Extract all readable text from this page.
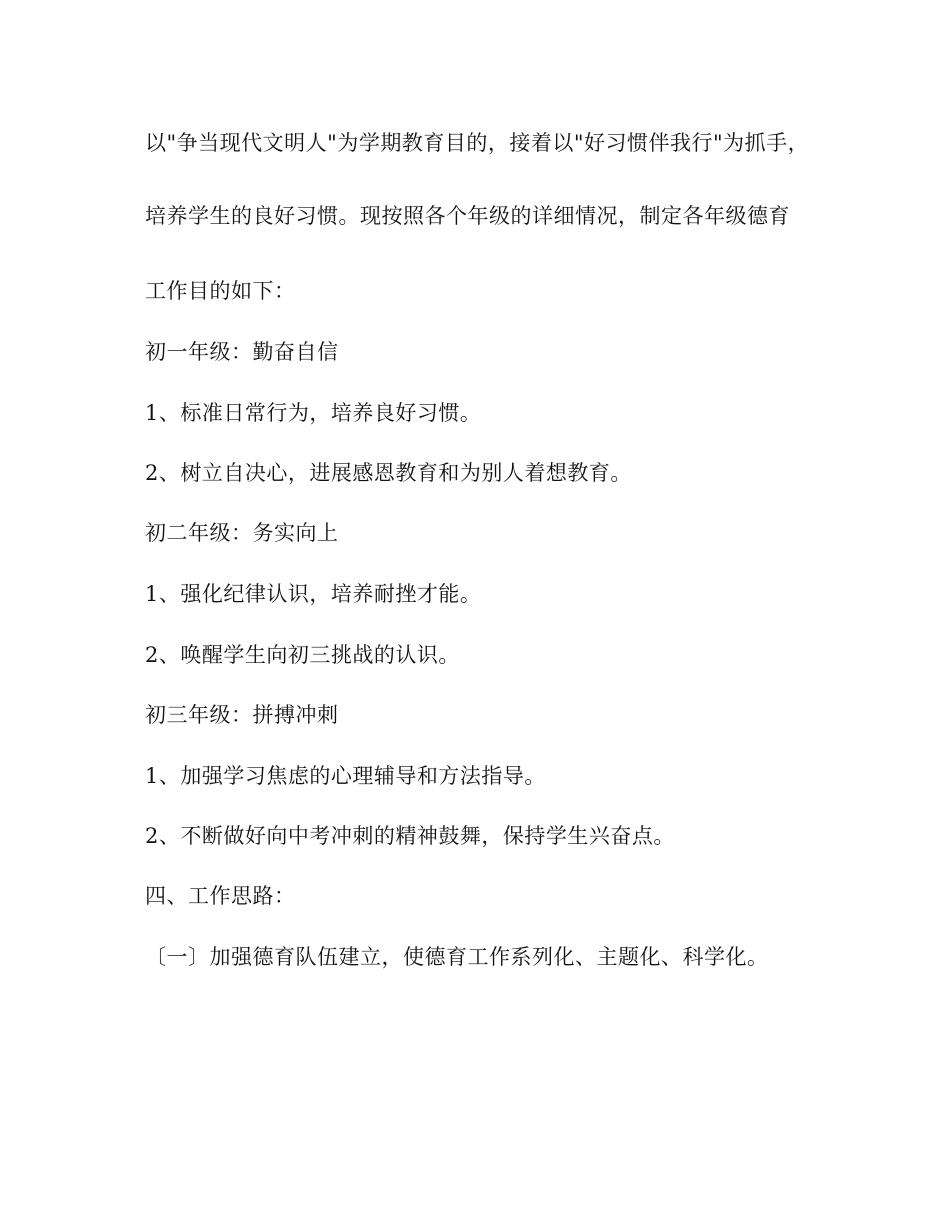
以"争当现代文明人"为学期教育目的，接着以"好习惯伴我行"为抓手，

培养学生的良好习惯。现按照各个年级的详细情况，制定各年级德育

工作目的如下：

初一年级：勤奋自信

1、标准日常行为，培养良好习惯。

2、树立自决心，进展感恩教育和为别人着想教育。

初二年级：务实向上

1、强化纪律认识，培养耐挫才能。

2、唤醒学生向初三挑战的认识。

初三年级：拼搏冲刺

1、加强学习焦虑的心理辅导和方法指导。

2、不断做好向中考冲刺的精神鼓舞，保持学生兴奋点。

四、工作思路：

〔一〕加强德育队伍建立，使德育工作系列化、主题化、科学化。
